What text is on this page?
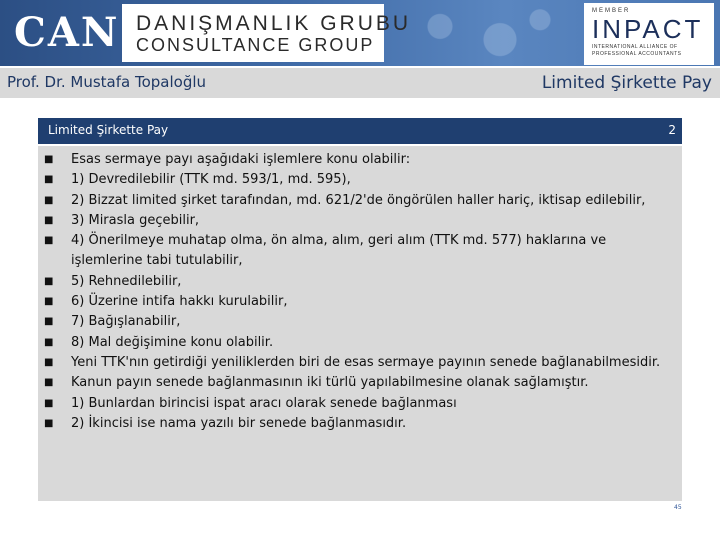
CAN DANIŞMANLIK GRUBU
CONSULTANCE GROUP
MEMBER
INPACT
INTERNATIONAL ALLIANCE OF
PROFESSIONAL ACCOUNTANTS
Prof. Dr. Mustafa Topaloğlu	Limited Şirkette Pay
Limited Şirkette Pay	2
■ Esas sermaye payı aşağıdaki işlemlere konu olabilir:
■ 1) Devredilebilir (TTK md. 593/1, md. 595),
■ 2) Bizzat limited şirket tarafından, md. 621/2'de öngörülen haller hariç, iktisap edilebilir,
■ 3) Mirasla geçebilir,
■ 4) Önerilmeye muhatap olma, ön alma, alım, geri alım (TTK md. 577) haklarına ve işlemlerine tabi tutulabilir,
■ 5) Rehnedilebilir,
■ 6) Üzerine intifa hakkı kurulabilir,
■ 7) Bağışlanabilir,
■ 8) Mal değişimine konu olabilir.
■ Yeni TTK'nın getirdiği yeniliklerden biri de esas sermaye payının senede bağlanabilmesidir.
■ Kanun payın senede bağlanmasının iki türlü yapılabilmesine olanak sağlamıştır.
■ 1) Bunlardan birincisi ispat aracı olarak senede bağlanması
■ 2) İkincisi ise nama yazılı bir senede bağlanmasıdır.
45
